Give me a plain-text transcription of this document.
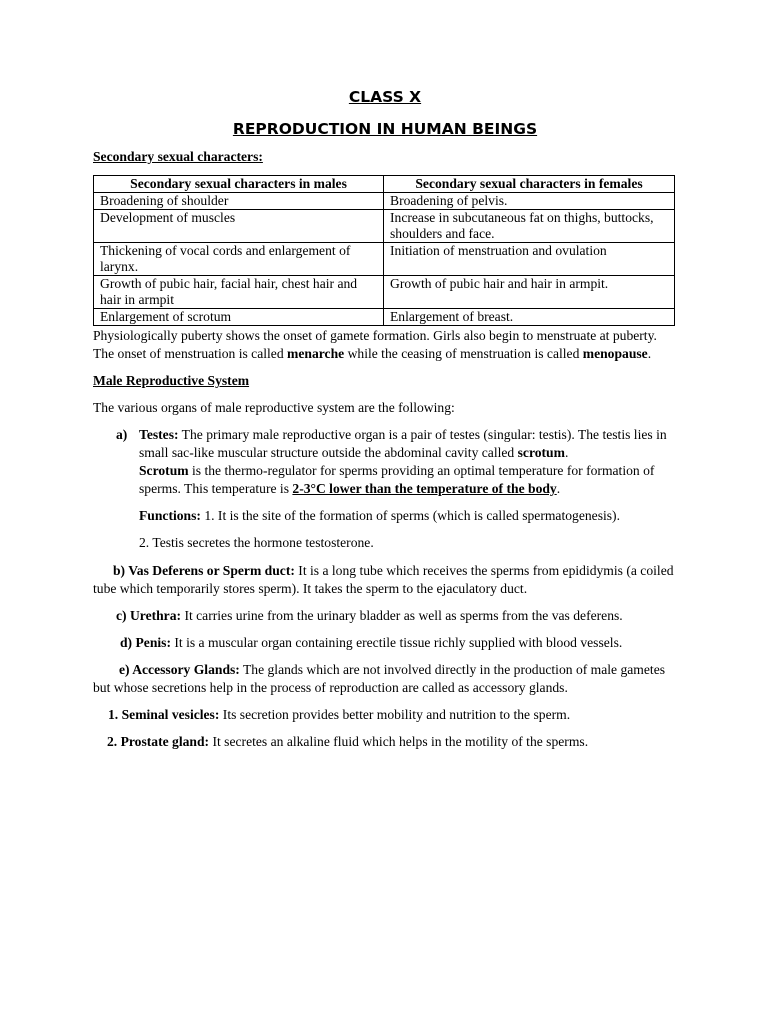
CLASS X
REPRODUCTION IN HUMAN BEINGS

Secondary sexual characters:

Secondary sexual characters in males	Secondary sexual characters in females
Broadening of shoulder	Broadening of pelvis.
Development of muscles	Increase in subcutaneous fat on thighs, buttocks, shoulders and face.
Thickening of vocal cords and enlargement of larynx.	Initiation of menstruation and ovulation
Growth of pubic hair, facial hair, chest hair and hair in armpit	Growth of pubic hair and hair in armpit.
Enlargement of scrotum	Enlargement of breast.

Physiologically puberty shows the onset of gamete formation. Girls also begin to menstruate at puberty. The onset of menstruation is called menarche while the ceasing of menstruation is called menopause.

Male Reproductive System

The various organs of male reproductive system are the following:

a) Testes: The primary male reproductive organ is a pair of testes (singular: testis). The testis lies in small sac-like muscular structure outside the abdominal cavity called scrotum.

Scrotum is the thermo-regulator for sperms providing an optimal temperature for formation of sperms. This temperature is 2-3°C lower than the temperature of the body.

Functions: 1. It is the site of the formation of sperms (which is called spermatogenesis).

2. Testis secretes the hormone testosterone.

b) Vas Deferens or Sperm duct: It is a long tube which receives the sperms from epididymis (a coiled tube which temporarily stores sperm). It takes the sperm to the ejaculatory duct.

c) Urethra: It carries urine from the urinary bladder as well as sperms from the vas deferens.

d) Penis: It is a muscular organ containing erectile tissue richly supplied with blood vessels.

e) Accessory Glands: The glands which are not involved directly in the production of male gametes but whose secretions help in the process of reproduction are called as accessory glands.

1. Seminal vesicles: Its secretion provides better mobility and nutrition to the sperm.

2. Prostate gland: It secretes an alkaline fluid which helps in the motility of the sperms.
